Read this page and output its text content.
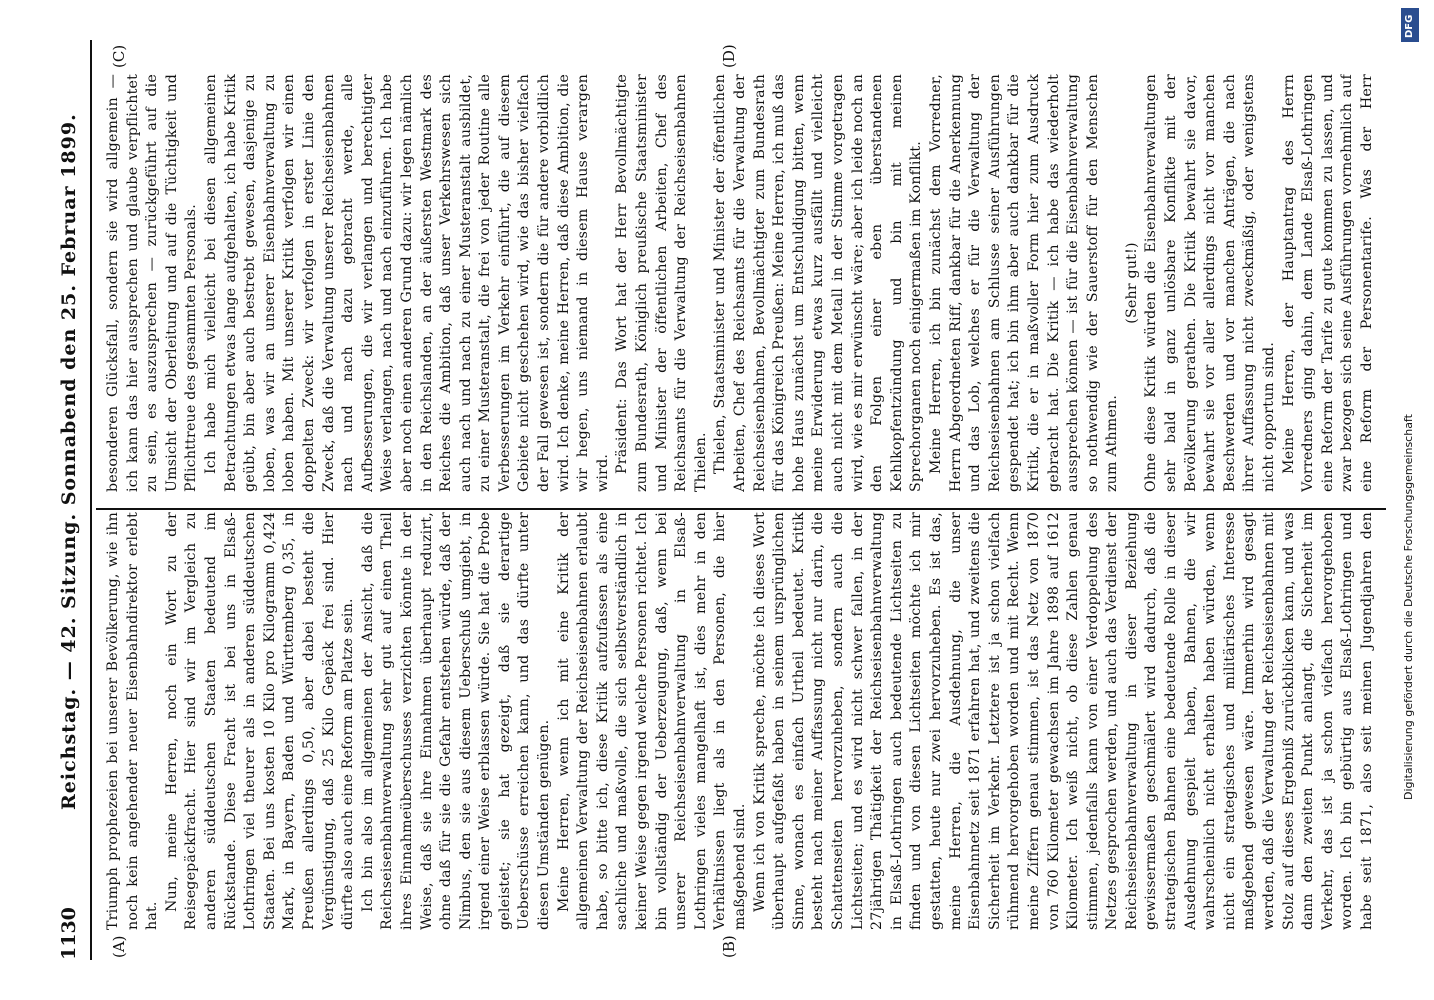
1130
Reichstag. — 42. Sitzung. Sonnabend den 25. Februar 1899.
(A)	(B)
(C)	(D)

Triumph prophezeien bei unserer Bevölkerung, wie ihn noch kein angehender neuer Eisenbahndirektor erlebt hat.

Nun, meine Herren, noch ein Wort zu der Reisegepäckfracht. Hier sind wir im Vergleich zu anderen süddeutschen Staaten bedeutend im Rückstande. Diese Fracht ist bei uns in Elsaß-Lothringen viel theurer als in anderen süddeutschen Staaten. Bei uns kosten 10 Kilo pro Kilogramm 0,424 Mark, in Bayern, Baden und Württemberg 0,35, in Preußen allerdings 0,50, aber dabei besteht die Vergünstigung, daß 25 Kilo Gepäck frei sind. Hier dürfte also auch eine Reform am Platze sein. Ich bin also im allgemeinen der Ansicht, daß die Reichseisenbahnverwaltung sehr gut auf einen Theil ihres Einnahmeüberschusses verzichten könnte in der Weise, daß sie ihre Einnahmen überhaupt reduzirt, ohne daß für sie die Gefahr entstehen würde, daß der Nimbus, den sie aus diesem Ueberschuß umgiebt, in irgend einer Weise erblassen würde. Sie hat die Probe geleistet; sie hat gezeigt, daß sie derartige Ueberschüsse erreichen kann, und das dürfte unter diesen Umständen genügen. Meine Herren, wenn ich mit eine Kritik der allgemeinen Verwaltung der Reichseisenbahnen erlaubt habe, so bitte ich, diese Kritik aufzufassen als eine sachliche und maßvolle, die sich selbstverständlich in keiner Weise gegen irgend welche Personen richtet. Ich bin vollständig der Ueberzeugung, daß, wenn bei unserer Reichseisenbahnverwaltung in Elsaß-Lothringen vieles mangelhaft ist, dies mehr in den Verhältnissen liegt als in den Personen, die hier maßgebend sind. Wenn ich von Kritik spreche, möchte ich dieses Wort überhaupt aufgefaßt haben in seinem ursprünglichen Sinne, wonach es einfach Urtheil bedeutet. Kritik besteht nach meiner Auffassung nicht nur darin, die Schattenseiten hervorzuheben, sondern auch die Lichtseiten; und es wird nicht schwer fallen, in der 27jährigen Thätigkeit der Reichseisenbahnverwaltung in Elsaß-Lothringen auch bedeutende Lichtseiten zu finden und von diesen Lichtseiten möchte ich mir gestatten, heute nur zwei hervorzuheben. Es ist das, meine Herren, die Ausdehnung, die unser Eisenbahnnetz seit 1871 erfahren hat, und zweitens die Sicherheit im Verkehr. Letztere ist ja schon vielfach rühmend hervorgehoben worden und mit Recht. Wenn meine Ziffern genau stimmen, ist das Netz von 1870 von 760 Kilometer gewachsen im Jahre 1898 auf 1612 Kilometer. Ich weiß nicht, ob diese Zahlen genau stimmen, jedenfalls kann von einer Verdoppelung des Netzes gesprochen werden, und auch das Verdienst der Reichseisenbahnverwaltung in dieser Beziehung gewissermaßen geschmälert wird dadurch, daß die strategischen Bahnen eine bedeutende Rolle in dieser Ausdehnung gespielt haben, Bahnen, die wir wahrscheinlich nicht erhalten haben würden, wenn nicht ein strategisches und militärisches Interesse maßgebend gewesen wäre. Immerhin wird gesagt werden, daß die Verwaltung der Reichseisenbahnen mit Stolz auf dieses Ergebniß zurückblicken kann, und was dann den zweiten Punkt anlangt, die Sicherheit im Verkehr, das ist ja schon vielfach hervorgehoben worden. Ich bin gebürtig aus Elsaß-Lothringen und habe seit 1871, also seit meinen Jugendjahren den

besonderen Glücksfall, sondern sie wird allgemein — ich kann das hier aussprechen und glaube verpflichtet zu sein, es auszusprechen — zurückgeführt auf die Umsicht der Oberleitung und auf die Tüchtigkeit und Pflichttreue des gesammten Personals. Ich habe mich vielleicht bei diesen allgemeinen Betrachtungen etwas lange aufgehalten, ich habe Kritik geübt, bin aber auch bestrebt gewesen, dasjenige zu loben, was wir an unserer Eisenbahnverwaltung zu loben haben. Mit unserer Kritik verfolgen wir einen doppelten Zweck: wir verfolgen in erster Linie den Zweck, daß die Verwaltung unserer Reichseisenbahnen nach und nach dazu gebracht werde, alle Aufbesserungen, die wir verlangen und berechtigter Weise verlangen, nach und nach einzuführen. Ich habe aber noch einen anderen Grund dazu: wir legen nämlich in den Reichslanden, an der äußersten Westmark des Reiches die Ambition, daß unser Verkehrswesen sich auch nach und nach zu einer Musteranstalt ausbildet, zu einer Musteranstalt, die frei von jeder Routine alle Verbesserungen im Verkehr einführt, die auf diesem Gebiete nicht geschehen wird, wie das bisher vielfach der Fall gewesen ist, sondern die für andere vorbildlich wird. Ich denke, meine Herren, daß diese Ambition, die wir hegen, uns niemand in diesem Hause verargen wird. Präsident: Das Wort hat der Herr Bevollmächtigte zum Bundesrath, Königlich preußische Staatsminister und Minister der öffentlichen Arbeiten, Chef des Reichsamts für die Verwaltung der Reichseisenbahnen Thielen. Thielen, Staatsminister und Minister der öffentlichen Arbeiten, Chef des Reichsamts für die Verwaltung der Reichseisenbahnen, Bevollmächtigter zum Bundesrath für das Königreich Preußen: Meine Herren, ich muß das hohe Haus zunächst um Entschuldigung bitten, wenn meine Erwiderung etwas kurz ausfällt und vielleicht auch nicht mit dem Metall in der Stimme vorgetragen wird, wie es mir erwünscht wäre; aber ich leide noch an den Folgen einer eben überstandenen Kehlkopfentzündung und bin mit meinen Sprechorganen noch einigermaßen im Konflikt. Meine Herren, ich bin zunächst dem Vorredner, Herrn Abgeordneten Riff, dankbar für die Anerkennung und das Lob, welches er für die Verwaltung der Reichseisenbahnen am Schlusse seiner Ausführungen gespendet hat; ich bin ihm aber auch dankbar für die Kritik, die er in maßvoller Form hier zum Ausdruck gebracht hat. Die Kritik — ich habe das wiederholt aussprechen können — ist für die Eisenbahnverwaltung so nothwendig wie der Sauerstoff für den Menschen zum Athmen.

(Sehr gut!) Ohne diese Kritik würden die Eisenbahnverwaltungen sehr bald in ganz unlösbare Konflikte mit der Bevölkerung gerathen. Die Kritik bewahrt sie davor, bewahrt sie vor aller allerdings nicht vor manchen Beschwerden und vor manchen Anträgen, die nach ihrer Auffassung nicht zweckmäßig, oder wenigstens nicht opportun sind. Meine Herren, der Hauptantrag des Herrn Vorredners ging dahin, dem Lande Elsaß-Lothringen eine Reform der Tarife zu gute kommen zu lassen, und zwar bezogen sich seine Ausführungen vornehmlich auf eine Reform der Personentarife. Was der Herr

DFG
Digitalisierung gefördert durch die Deutsche Forschungsgemeinschaft
